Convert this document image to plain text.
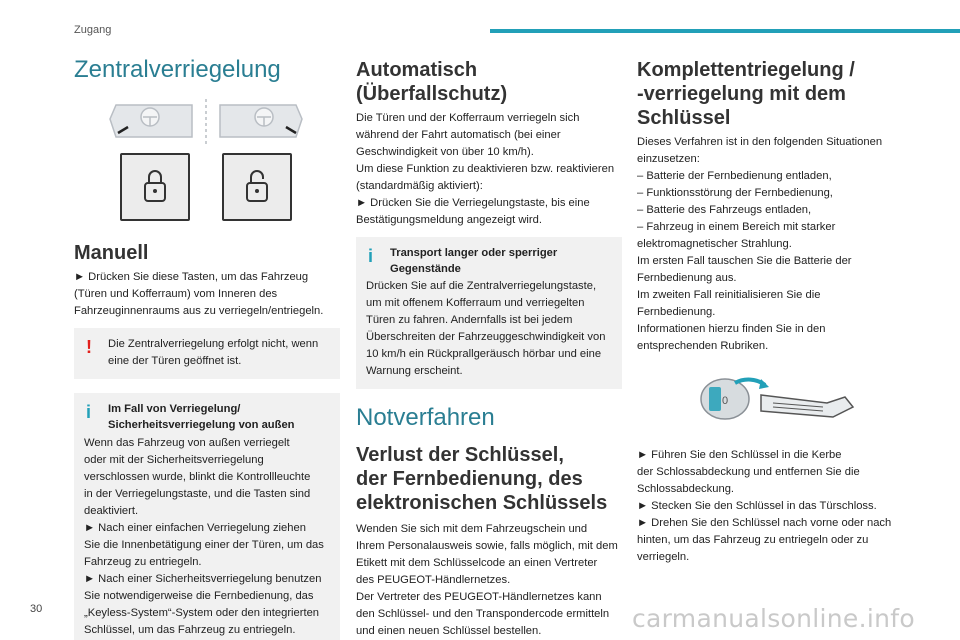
Zugang
Zentralverriegelung
Manuell

► Drücken Sie diese Tasten, um das Fahrzeug (Türen und Kofferraum) vom Inneren des Fahrzeuginnenraums aus zu verriegeln/entriegeln.

! Die Zentralverriegelung erfolgt nicht, wenn eine der Türen geöffnet ist.

i Im Fall von Verriegelung/
Sicherheitsverriegelung von außen

Wenn das Fahrzeug von außen verriegelt
oder mit der Sicherheitsverriegelung
verschlossen wurde, blinkt die Kontrollleuchte
in der Verriegelungstaste, und die Tasten sind
deaktiviert.
► Nach einer einfachen Verriegelung ziehen
Sie die Innenbetätigung einer der Türen, um das
Fahrzeug zu entriegeln.
► Nach einer Sicherheitsverriegelung benutzen
Sie notwendigerweise die Fernbedienung, das
„Keyless-System“-System oder den integrierten
Schlüssel, um das Fahrzeug zu entriegeln.

Automatisch (Überfallschutz)

Die Türen und der Kofferraum verriegeln sich
während der Fahrt automatisch (bei einer
Geschwindigkeit von über 10 km/h).
Um diese Funktion zu deaktivieren bzw. reaktivieren
(standardmäßig aktiviert):
► Drücken Sie die Verriegelungstaste, bis eine
Bestätigungsmeldung angezeigt wird.

i Transport langer oder sperriger
Gegenstände

Drücken Sie auf die Zentralverriegelungstaste,
um mit offenem Kofferraum und verriegelten
Türen zu fahren. Andernfalls ist bei jedem
Überschreiten der Fahrzeuggeschwindigkeit von
10 km/h ein Rückprallgeräusch hörbar und eine
Warnung erscheint.

Notverfahren
Verlust der Schlüssel,
der Fernbedienung, des
elektronischen Schlüssels

Wenden Sie sich mit dem Fahrzeugschein und
Ihrem Personalausweis sowie, falls möglich, mit dem
Etikett mit dem Schlüsselcode an einen Vertreter
des PEUGEOT-Händlernetzes.
Der Vertreter des PEUGEOT-Händlernetzes kann
den Schlüssel- und den Transpondercode ermitteln
und einen neuen Schlüssel bestellen.

Komplettentriegelung /
-verriegelung mit dem
Schlüssel

Dieses Verfahren ist in den folgenden Situationen
einzusetzen:
– Batterie der Fernbedienung entladen,
– Funktionsstörung der Fernbedienung,
– Batterie des Fahrzeugs entladen,
– Fahrzeug in einem Bereich mit starker
elektromagnetischer Strahlung.
Im ersten Fall tauschen Sie die Batterie der
Fernbedienung aus.
Im zweiten Fall reinitialisieren Sie die
Fernbedienung.
Informationen hierzu finden Sie in den
entsprechenden Rubriken.

0

► Führen Sie den Schlüssel in die Kerbe
der Schlossabdeckung und entfernen Sie die
Schlossabdeckung.
► Stecken Sie den Schlüssel in das Türschloss.
► Drehen Sie den Schlüssel nach vorne oder nach
hinten, um das Fahrzeug zu entriegeln oder zu
verriegeln.

30	carmanualsonline.info
